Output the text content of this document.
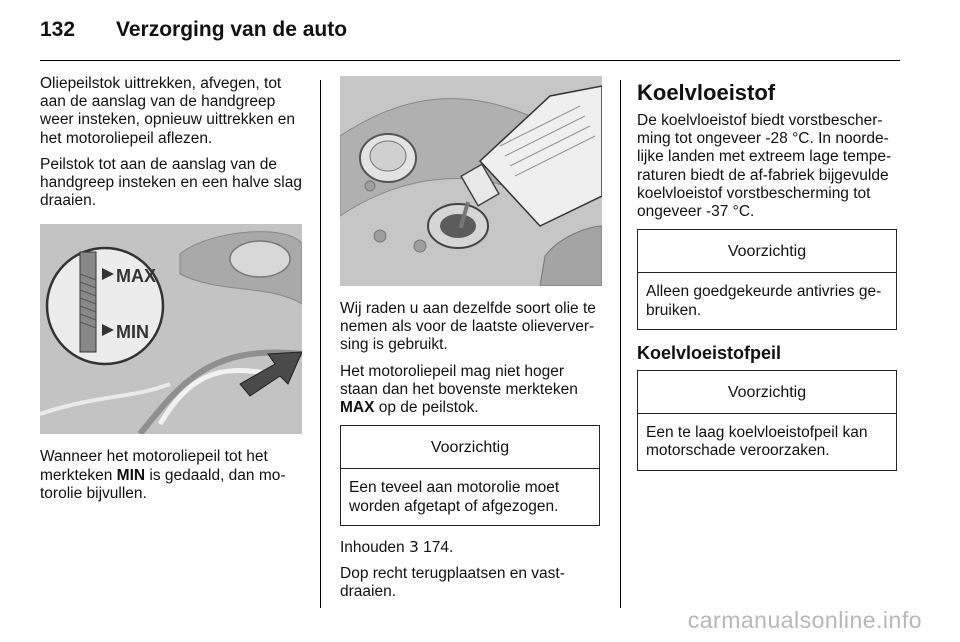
132	Verzorging van de auto

Oliepeilstok uittrekken, afvegen, tot aan de aanslag van de handgreep weer insteken, opnieuw uittrekken en het motoroliepeil aflezen.

Peilstok tot aan de aanslag van de handgreep insteken en een halve slag draaien.

MAX
MIN

Wanneer het motoroliepeil tot het merkteken MIN is gedaald, dan mo-torolie bijvullen.

Wij raden u aan dezelfde soort olie te nemen als voor de laatste olieverver-sing is gebruikt.

Het motoroliepeil mag niet hoger staan dan het bovenste merkteken MAX op de peilstok.

Voorzichtig
Een teveel aan motorolie moet worden afgetapt of afgezogen.

Inhouden 3 174.

Dop recht terugplaatsen en vast-draaien.

Koelvloeistof

De koelvloeistof biedt vorstbescher-ming tot ongeveer -28 °C. In noorde-lijke landen met extreem lage tempe-raturen biedt de af-fabriek bijgevulde koelvloeistof vorstbescherming tot ongeveer -37 °C.

Voorzichtig
Alleen goedgekeurde antivries ge-bruiken.
Koelvloeistofpeil
Voorzichtig
Een te laag koelvloeistofpeil kan motorschade veroorzaken.
carmanualsonline.info
